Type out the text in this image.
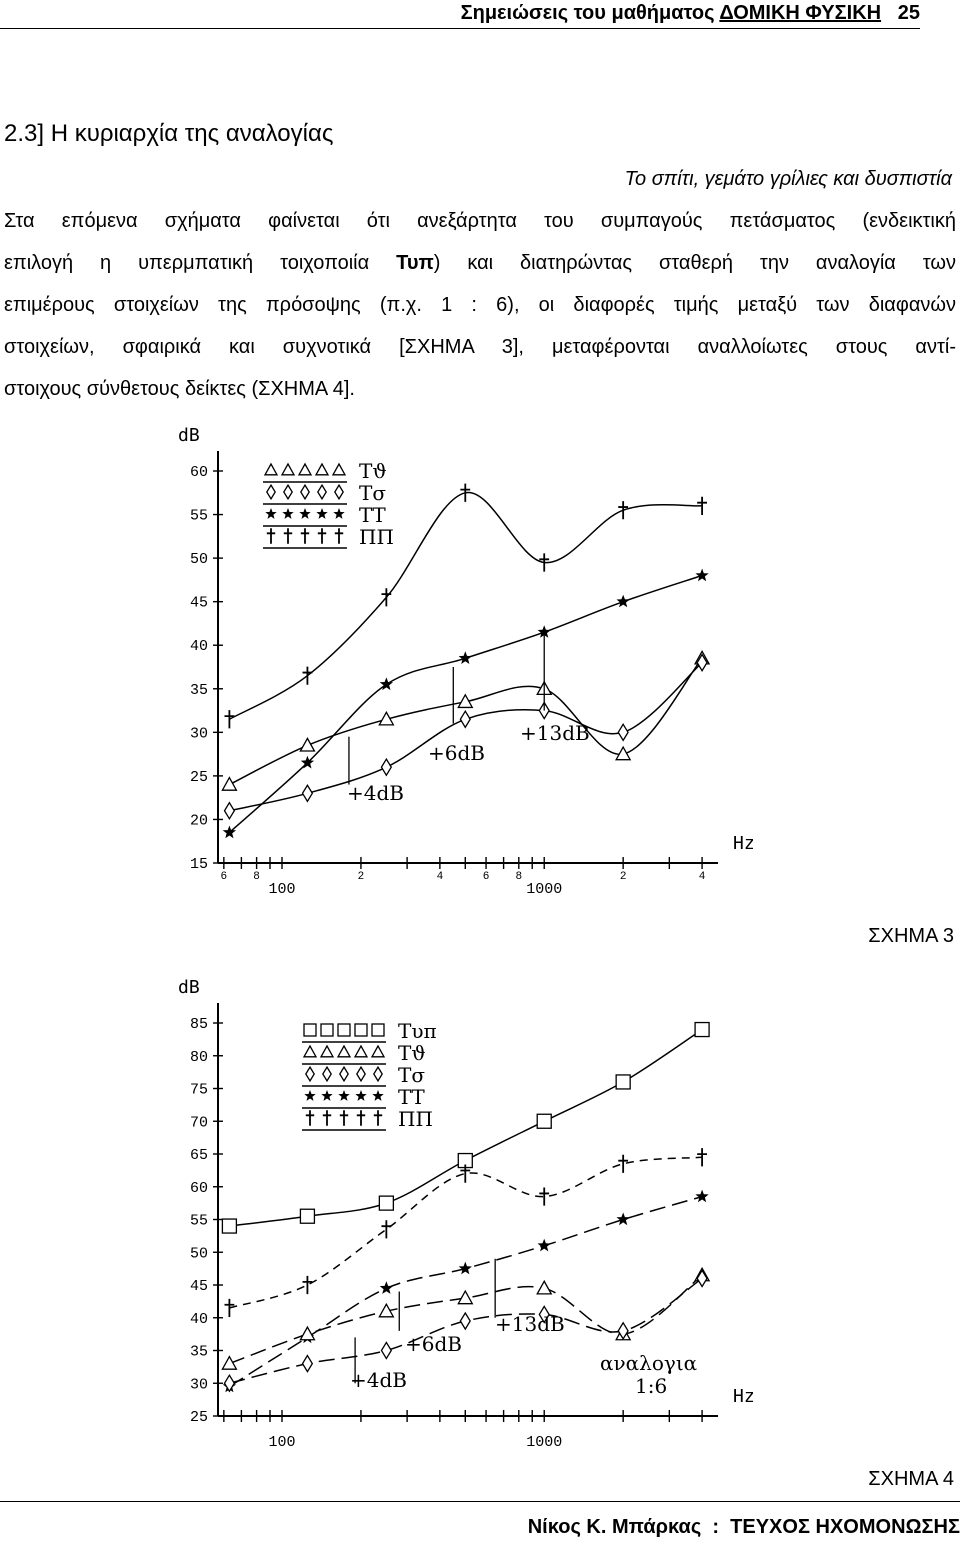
Σημειώσεις του μαθήματος ΔΟΜΙΚΗ ΦΥΣΙΚΗ 25
2.3] Η κυριαρχία της αναλογίας
Το σπίτι, γεμάτο γρίλιες και δυσπιστία

Στα επόμενα σχήματα φαίνεται ότι ανεξάρτητα του συμπαγούς πετάσματος (ενδεικτική

επιλογή η υπερμπατική τοιχοποιία Τυπ) και διατηρώντας σταθερή την αναλογία των

επιμέρους στοιχείων της πρόσοψης (π.χ. 1 : 6), οι διαφορές τιμής μεταξύ των διαφανών

στοιχείων, σφαιρικά και συχνοτικά [ΣΧΗΜΑ 3], μεταφέρονται αναλλοίωτες στους αντί-

στοιχους σύνθετους δείκτες (ΣΧΗΜΑ 4].

dB
Hz
15
20
25
30
35
40
45
50
55
60
6 8	2	4	6 8	2	4
100	1000
+4dB
+6dB
+13dB
Τϑ
Τσ
ΤΤ
ΠΠ
ΣΧΗΜΑ 3
dB
Hz
25
30
35
40
45
50
55
60
65
70
75
80
85
100	1000
+4dB
+6dB
+13dB
αναλογια
1:6
Τυπ
Τϑ
Τσ
ΤΤ
ΠΠ
ΣΧΗΜΑ 4
Νίκος Κ. Μπάρκας : ΤΕΥΧΟΣ ΗΧΟΜΟΝΩΣΗΣ
